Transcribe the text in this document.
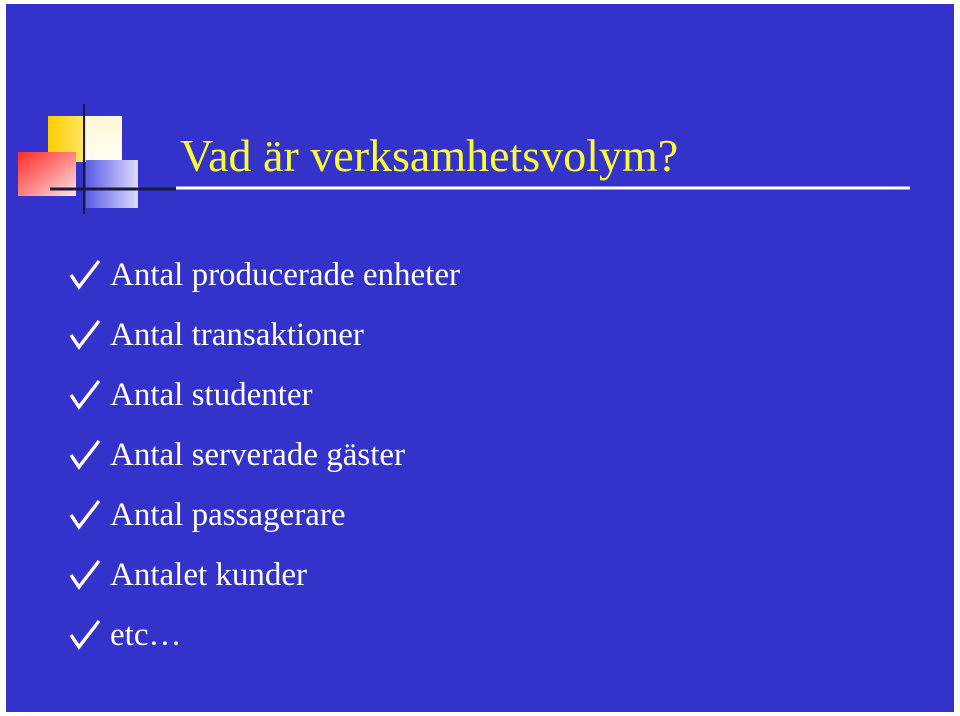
Vad är verksamhetsvolym?
Antal producerade enheter
Antal transaktioner
Antal studenter
Antal serverade gäster
Antal passagerare
Antalet kunder
etc…
